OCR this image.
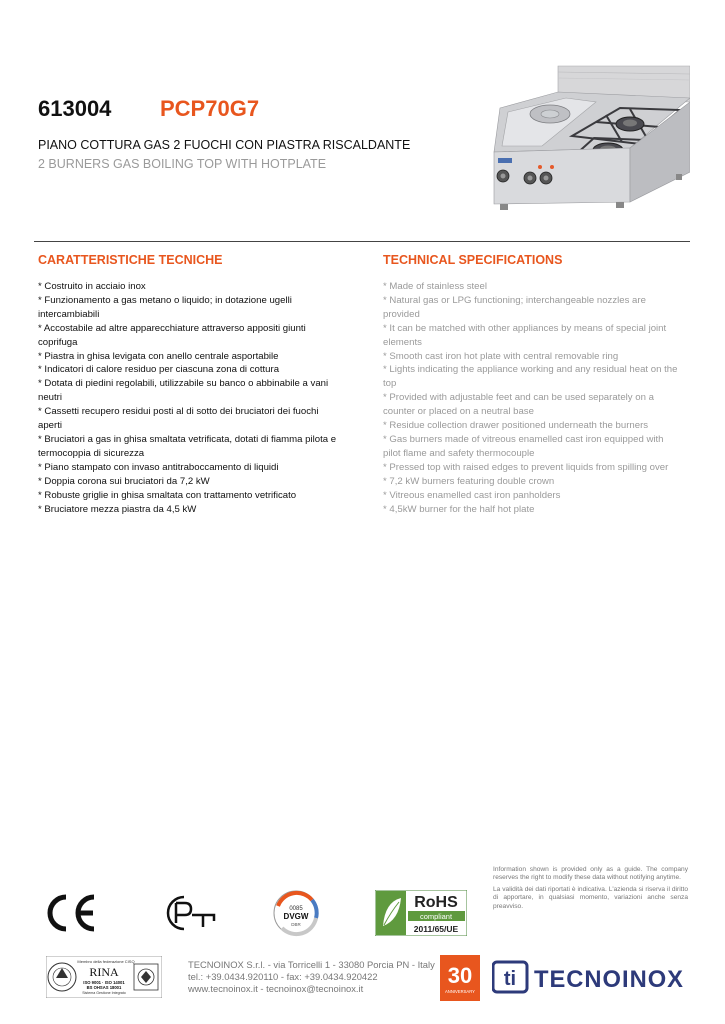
613004 PCP70G7
PIANO COTTURA GAS 2 FUOCHI CON PIASTRA RISCALDANTE
2 BURNERS GAS BOILING TOP WITH HOTPLATE
CARATTERISTICHE TECNICHE
* Costruito in acciaio inox
* Funzionamento a gas metano o liquido; in dotazione ugelli
intercambiabili
* Accostabile ad altre apparecchiature attraverso appositi giunti
coprifuga
* Piastra in ghisa levigata con anello centrale asportabile
* Indicatori di calore residuo per ciascuna zona di cottura
* Dotata di piedini regolabili, utilizzabile su banco o abbinabile a vani
neutri
* Cassetti recupero residui posti al di sotto dei bruciatori dei fuochi
aperti
* Bruciatori a gas in ghisa smaltata vetrificata, dotati di fiamma pilota e
termocoppia di sicurezza
* Piano stampato con invaso antitraboccamento di liquidi
* Doppia corona sui bruciatori da 7,2 kW
* Robuste griglie in ghisa smaltata con trattamento vetrificato
* Bruciatore mezza piastra da 4,5 kW
TECHNICAL SPECIFICATIONS
* Made of stainless steel
* Natural gas or LPG functioning; interchangeable nozzles are
provided
* It can be matched with other appliances by means of special joint
elements
* Smooth cast iron hot plate with central removable ring
* Lights indicating the appliance working and any residual heat on the
top
* Provided with adjustable feet and can be used separately on a
counter or placed on a neutral base
* Residue collection drawer positioned underneath the burners
* Gas burners made of vitreous enamelled cast iron equipped with
pilot flame and safety thermocouple
* Pressed top with raised edges to prevent liquids from spilling over
* 7,2 kW burners featuring double crown
* Vitreous enamelled cast iron panholders
* 4,5kW burner for the half hot plate
0085
DVGW
DBR
RoHS
compliant
2011/65/UE

Information shown is provided only as a guide. The company reserves the right to modify these data without notifying anytime.

La validità dei dati riportati è indicativa. L'azienda si riserva il diritto di apportare, in qualsiasi momento, variazioni anche senza preavviso.

Membro della federazione CISQ
RINA
ISO 9001 · ISO 14001
BS OHSAS 18001
Sistema Gestione Integrato
TECNOINOX S.r.l. - via Torricelli 1 - 33080 Porcia PN - Italy
tel.: +39.0434.920110 - fax: +39.0434.920422
www.tecnoinox.it - tecnoinox@tecnoinox.it
30
ANNIVERSARY
ti TECNOINOX
